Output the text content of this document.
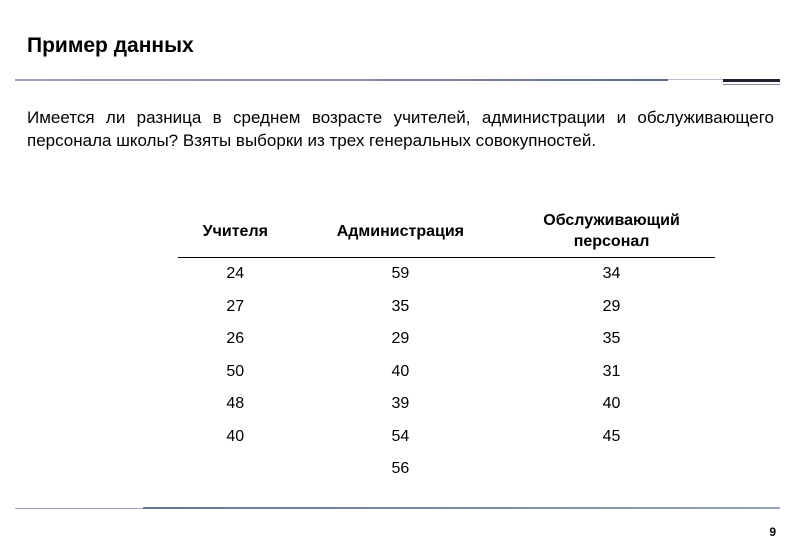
Пример данных

Имеется ли разница в среднем возрасте учителей, администрации и обслуживающего персонала школы? Взяты выборки из трех генеральных совокупностей.

Учителя	Администрация	Обслуживающий персонал
24	59	34
27	35	29
26	29	35
50	40	31
48	39	40
40	54	45
	56	
9
